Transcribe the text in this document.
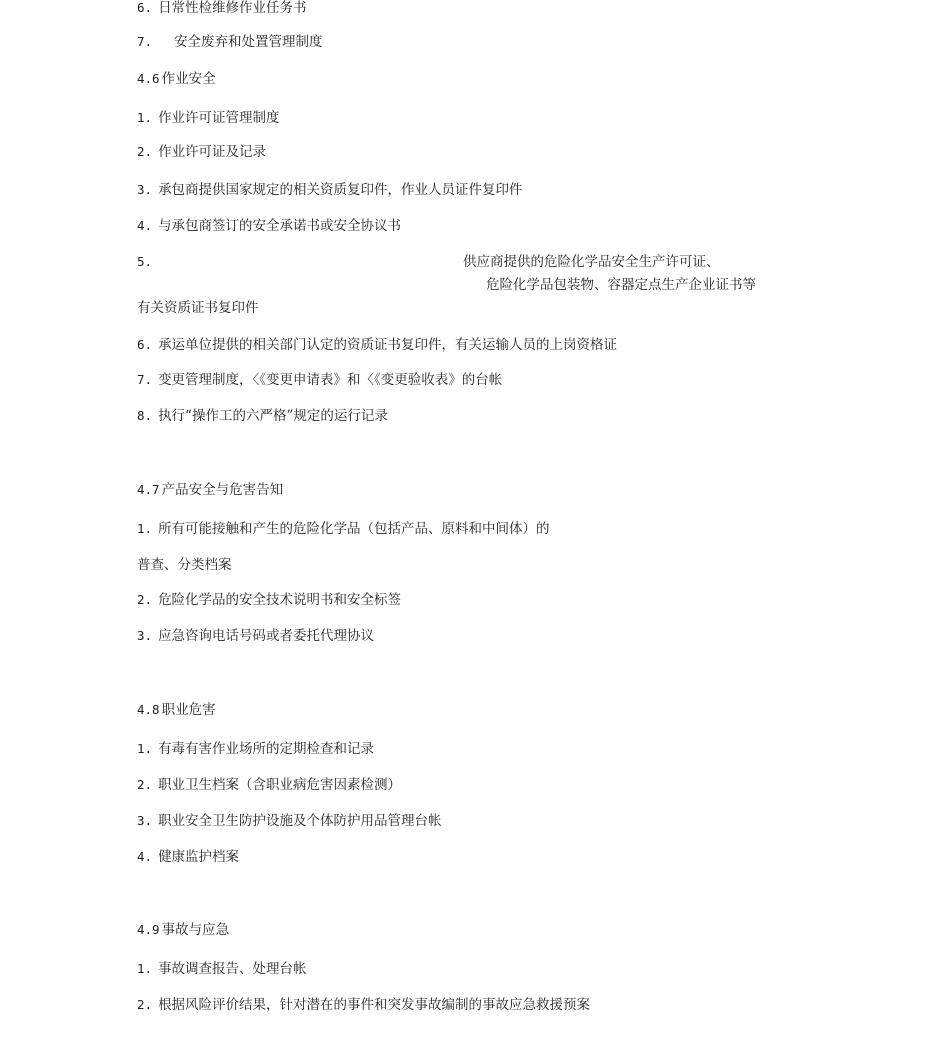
6. 日常性检维修作业任务书
7. 安全废弃和处置管理制度
4.6 作业安全
1. 作业许可证管理制度
2. 作业许可证及记录
3. 承包商提供国家规定的相关资质复印件，作业人员证件复印件
4. 与承包商签订的安全承诺书或安全协议书
5.	供应商提供的危险化学品安全生产许可证、
危险化学品包装物、容器定点生产企业证书等
有关资质证书复印件
6. 承运单位提供的相关部门认定的资质证书复印件，有关运输人员的上岗资格证
7. 变更管理制度，〈《变更申请表》和〈《变更验收表》的台帐
8. 执行“操作工的六严格”规定的运行记录
4.7 产品安全与危害告知
1. 所有可能接触和产生的危险化学品（包括产品、原料和中间体）的
普查、分类档案
2. 危险化学品的安全技术说明书和安全标签
3. 应急咨询电话号码或者委托代理协议
4.8 职业危害
1. 有毒有害作业场所的定期检查和记录
2. 职业卫生档案（含职业病危害因素检测）
3. 职业安全卫生防护设施及个体防护用品管理台帐
4. 健康监护档案
4.9 事故与应急
1. 事故调查报告、处理台帐
2. 根据风险评价结果，针对潜在的事件和突发事故编制的事故应急救援预案
